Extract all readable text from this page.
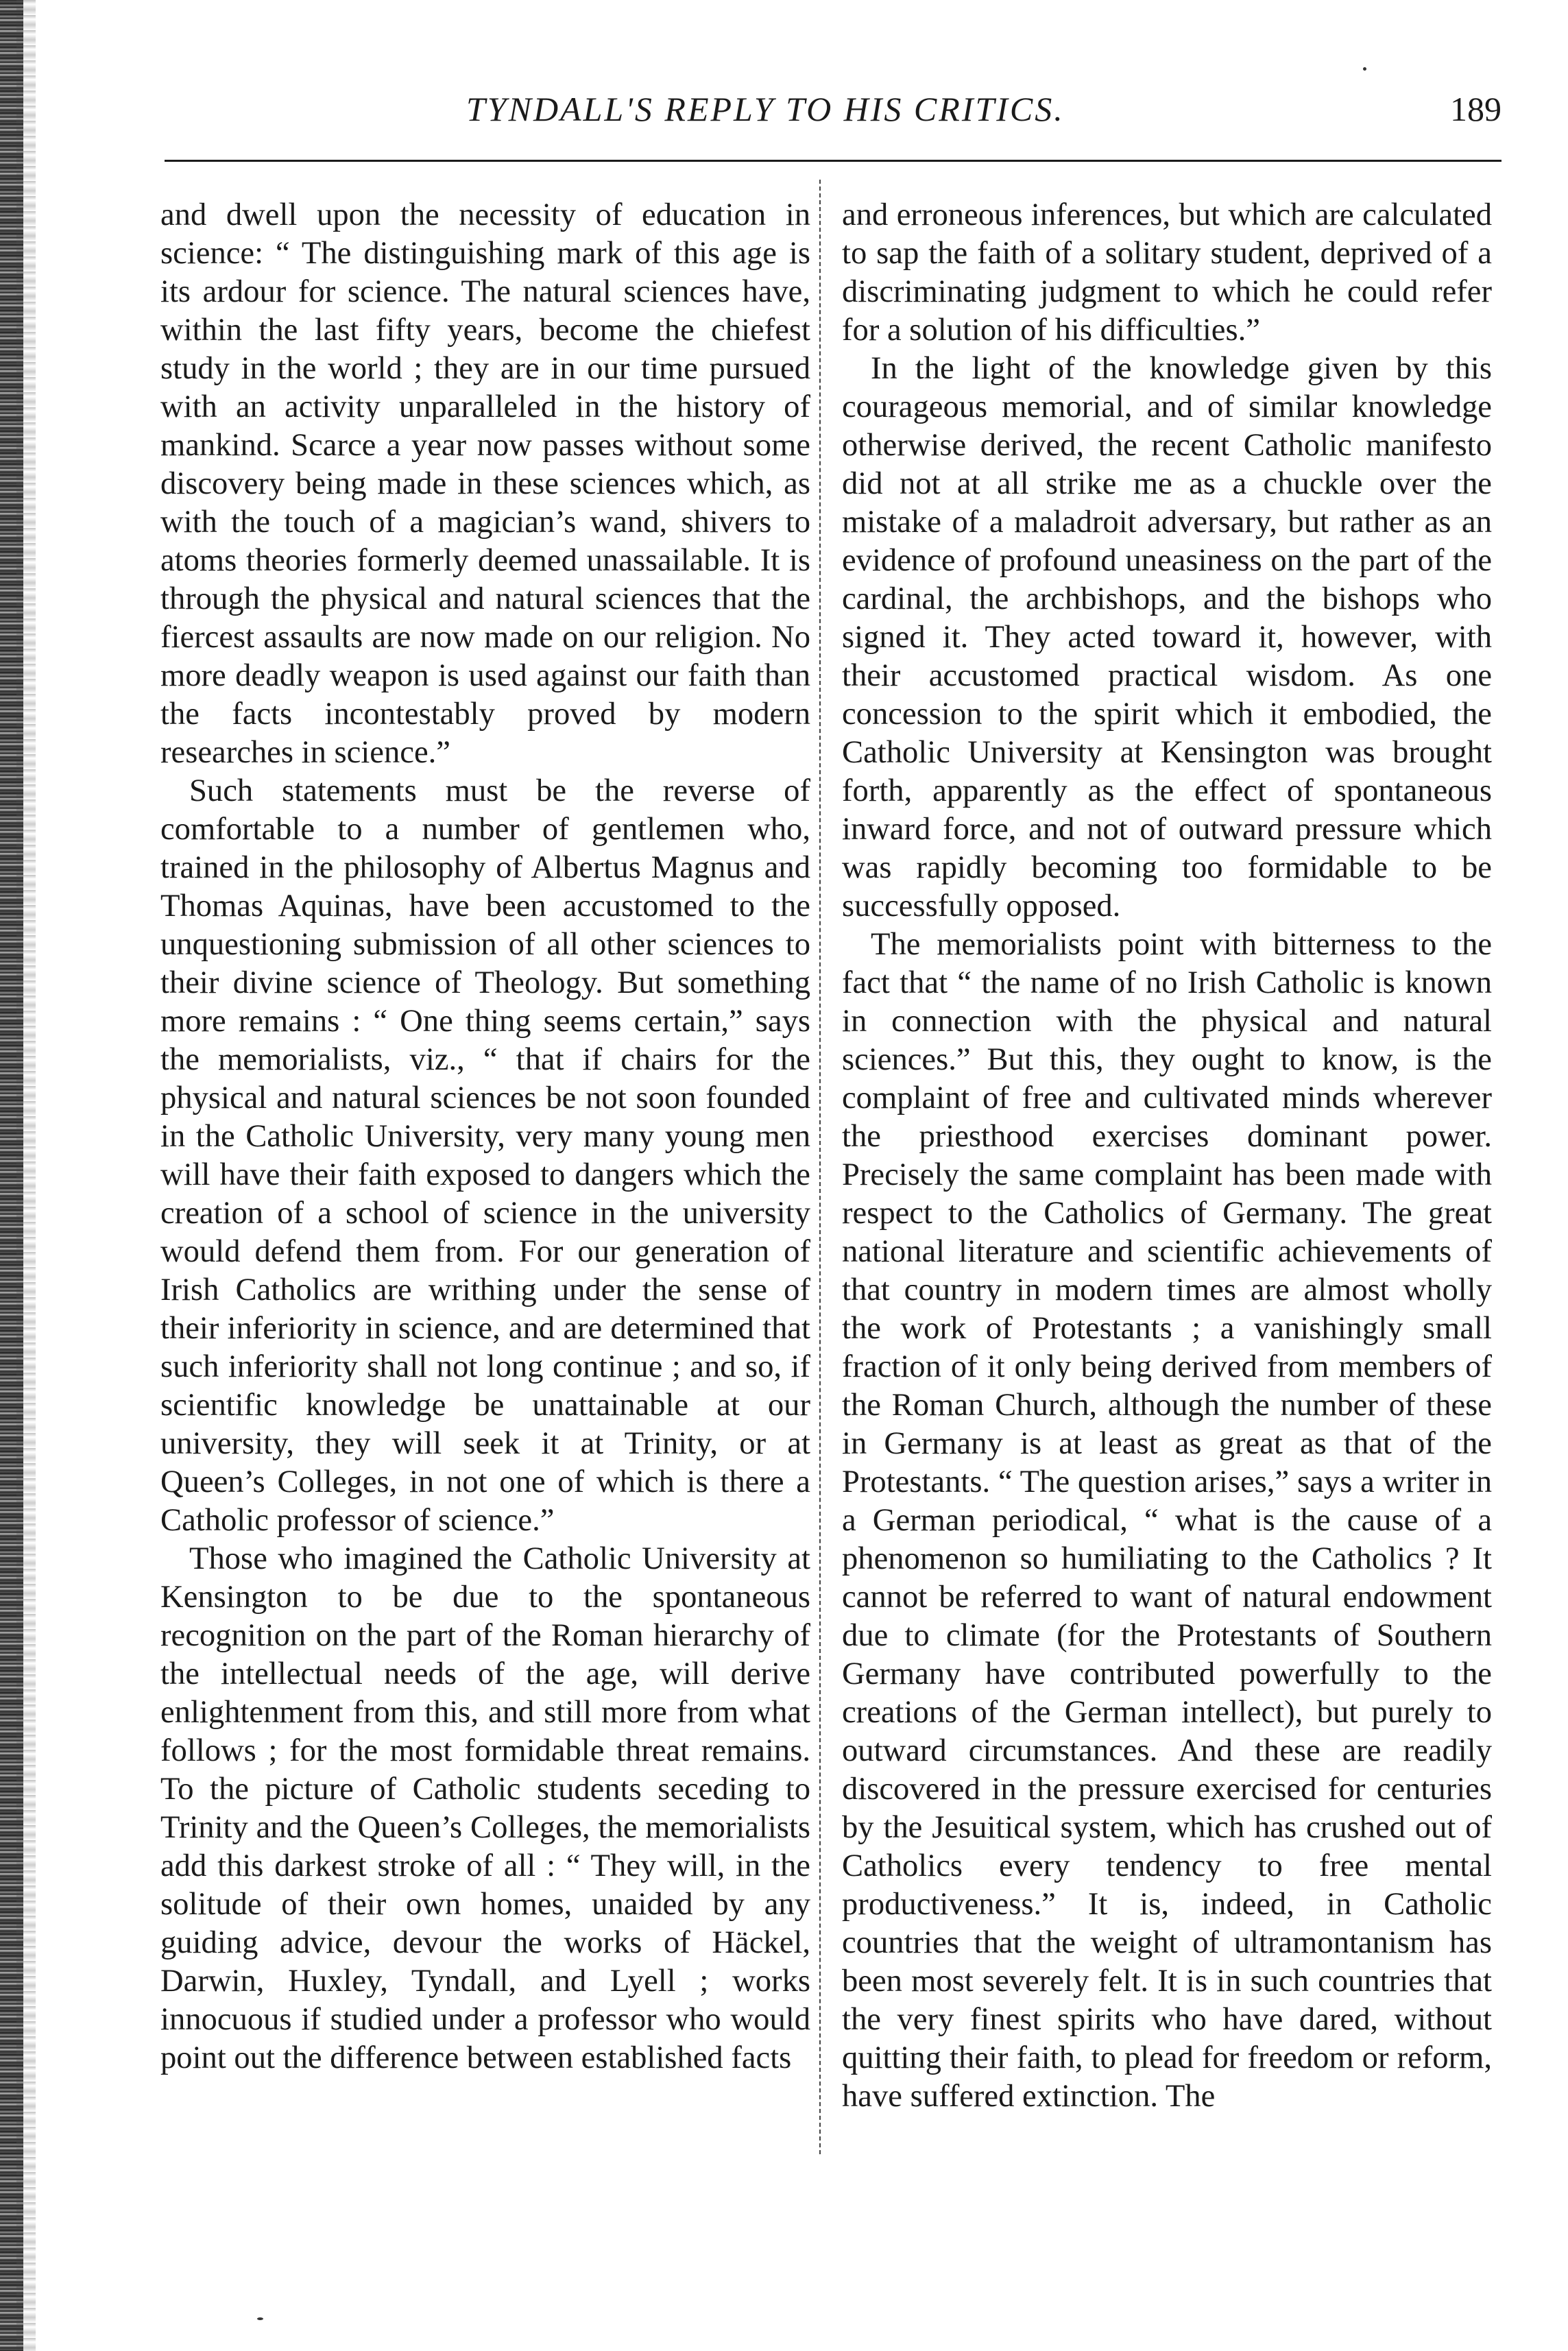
TYNDALL'S REPLY TO HIS CRITICS.	189

and dwell upon the necessity of education in science: “ The distinguishing mark of this age is its ardour for science. The natural sciences have, within the last fifty years, become the chiefest study in the world ; they are in our time pursued with an activity unparalleled in the history of mankind. Scarce a year now passes without some discovery being made in these sciences which, as with the touch of a magician’s wand, shivers to atoms theories formerly deemed unassailable. It is through the physical and natural sciences that the fiercest assaults are now made on our religion. No more deadly weapon is used against our faith than the facts incontestably proved by modern researches in science.”

Such statements must be the reverse of comfortable to a number of gentlemen who, trained in the philosophy of Albertus Magnus and Thomas Aquinas, have been accustomed to the unquestioning submission of all other sciences to their divine science of Theology. But something more remains : “ One thing seems certain,” says the memorialists, viz., “ that if chairs for the physical and natural sciences be not soon founded in the Catholic University, very many young men will have their faith exposed to dangers which the creation of a school of science in the university would defend them from. For our generation of Irish Catholics are writhing under the sense of their inferiority in science, and are determined that such inferiority shall not long continue ; and so, if scientific knowledge be unattainable at our university, they will seek it at Trinity, or at Queen’s Colleges, in not one of which is there a Catholic professor of science.”

Those who imagined the Catholic University at Kensington to be due to the spontaneous recognition on the part of the Roman hierarchy of the intellectual needs of the age, will derive enlightenment from this, and still more from what follows ; for the most formidable threat remains. To the picture of Catholic students seceding to Trinity and the Queen’s Colleges, the memorialists add this darkest stroke of all : “ They will, in the solitude of their own homes, unaided by any guiding advice, devour the works of Häckel, Darwin, Huxley, Tyndall, and Lyell ; works innocuous if studied under a professor who would point out the difference between established facts

and erroneous inferences, but which are calculated to sap the faith of a solitary student, deprived of a discriminating judgment to which he could refer for a solution of his difficulties.”

In the light of the knowledge given by this courageous memorial, and of similar knowledge otherwise derived, the recent Catholic manifesto did not at all strike me as a chuckle over the mistake of a maladroit adversary, but rather as an evidence of profound uneasiness on the part of the cardinal, the archbishops, and the bishops who signed it. They acted toward it, however, with their accustomed practical wisdom. As one concession to the spirit which it embodied, the Catholic University at Kensington was brought forth, apparently as the effect of spontaneous inward force, and not of outward pressure which was rapidly becoming too formidable to be successfully opposed.

The memorialists point with bitterness to the fact that “ the name of no Irish Catholic is known in connection with the physical and natural sciences.” But this, they ought to know, is the complaint of free and cultivated minds wherever the priesthood exercises dominant power. Precisely the same complaint has been made with respect to the Catholics of Germany. The great national literature and scientific achievements of that country in modern times are almost wholly the work of Protestants ; a vanishingly small fraction of it only being derived from members of the Roman Church, although the number of these in Germany is at least as great as that of the Protestants. “ The question arises,” says a writer in a German periodical, “ what is the cause of a phenomenon so humiliating to the Catholics ? It cannot be referred to want of natural endowment due to climate (for the Protestants of Southern Germany have contributed powerfully to the creations of the German intellect), but purely to outward circumstances. And these are readily discovered in the pressure exercised for centuries by the Jesuitical system, which has crushed out of Catholics every tendency to free mental productiveness.” It is, indeed, in Catholic countries that the weight of ultramontanism has been most severely felt. It is in such countries that the very finest spirits who have dared, without quitting their faith, to plead for freedom or reform, have suffered extinction. The
